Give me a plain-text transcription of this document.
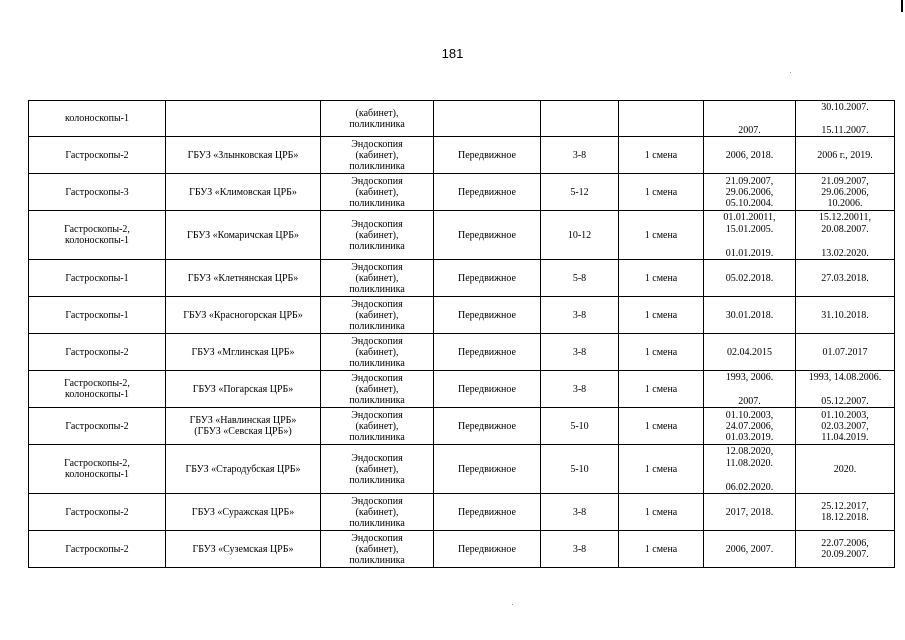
181
колоноскопы-1		(кабинет),
поликлиника				2007.	30.10.2007.
15.11.2007.

Гастроскопы-2	ГБУЗ «Злынковская ЦРБ»	Эндоскопия
(кабинет),
поликлиника	Передвижное	3-8	1 смена	2006, 2018.	2006 г., 2019.

Гастроскопы-3	ГБУЗ «Климовская ЦРБ»	Эндоскопия
(кабинет),
поликлиника	Передвижное	5-12	1 смена	21.09.2007,
29.06.2006,
05.10.2004.	21.09.2007,
29.06.2006,
10.2006.

Гастроскопы-2,
колоноскопы-1	ГБУЗ «Комаричская ЦРБ»	Эндоскопия
(кабинет),
поликлиника	Передвижное	10-12	1 смена	01.01.20011,
15.01.2005.
01.01.2019.	15.12.20011,
20.08.2007.
13.02.2020.

Гастроскопы-1	ГБУЗ «Клетнянская ЦРБ»	Эндоскопия
(кабинет),
поликлиника	Передвижное	5-8	1 смена	05.02.2018.	27.03.2018.

Гастроскопы-1	ГБУЗ «Красногорская ЦРБ»	Эндоскопия
(кабинет),
поликлиника	Передвижное	3-8	1 смена	30.01.2018.	31.10.2018.

Гастроскопы-2	ГБУЗ «Мглинская ЦРБ»	Эндоскопия
(кабинет),
поликлиника	Передвижное	3-8	1 смена	02.04.2015	01.07.2017

Гастроскопы-2,
колоноскопы-1	ГБУЗ «Погарская ЦРБ»	Эндоскопия
(кабинет),
поликлиника	Передвижное	3-8	1 смена	1993, 2006.
2007.	1993, 14.08.2006.
05.12.2007.

Гастроскопы-2	ГБУЗ «Навлинская ЦРБ»
(ГБУЗ «Севская ЦРБ»)	Эндоскопия
(кабинет),
поликлиника	Передвижное	5-10	1 смена	01.10.2003,
24.07.2006,
01.03.2019.	01.10.2003,
02.03.2007,
11.04.2019.

Гастроскопы-2,
колоноскопы-1	ГБУЗ «Стародубская ЦРБ»	Эндоскопия
(кабинет),
поликлиника	Передвижное	5-10	1 смена	12.08.2020,
11.08.2020.
06.02.2020.	2020.

Гастроскопы-2	ГБУЗ «Суражская ЦРБ»	Эндоскопия
(кабинет),
поликлиника	Передвижное	3-8	1 смена	2017, 2018.	25.12.2017,
18.12.2018.

Гастроскопы-2	ГБУЗ «Суземская ЦРБ»	Эндоскопия
(кабинет),
поликлиника	Передвижное	3-8	1 смена	2006, 2007.	22.07.2006,
20.09.2007.
